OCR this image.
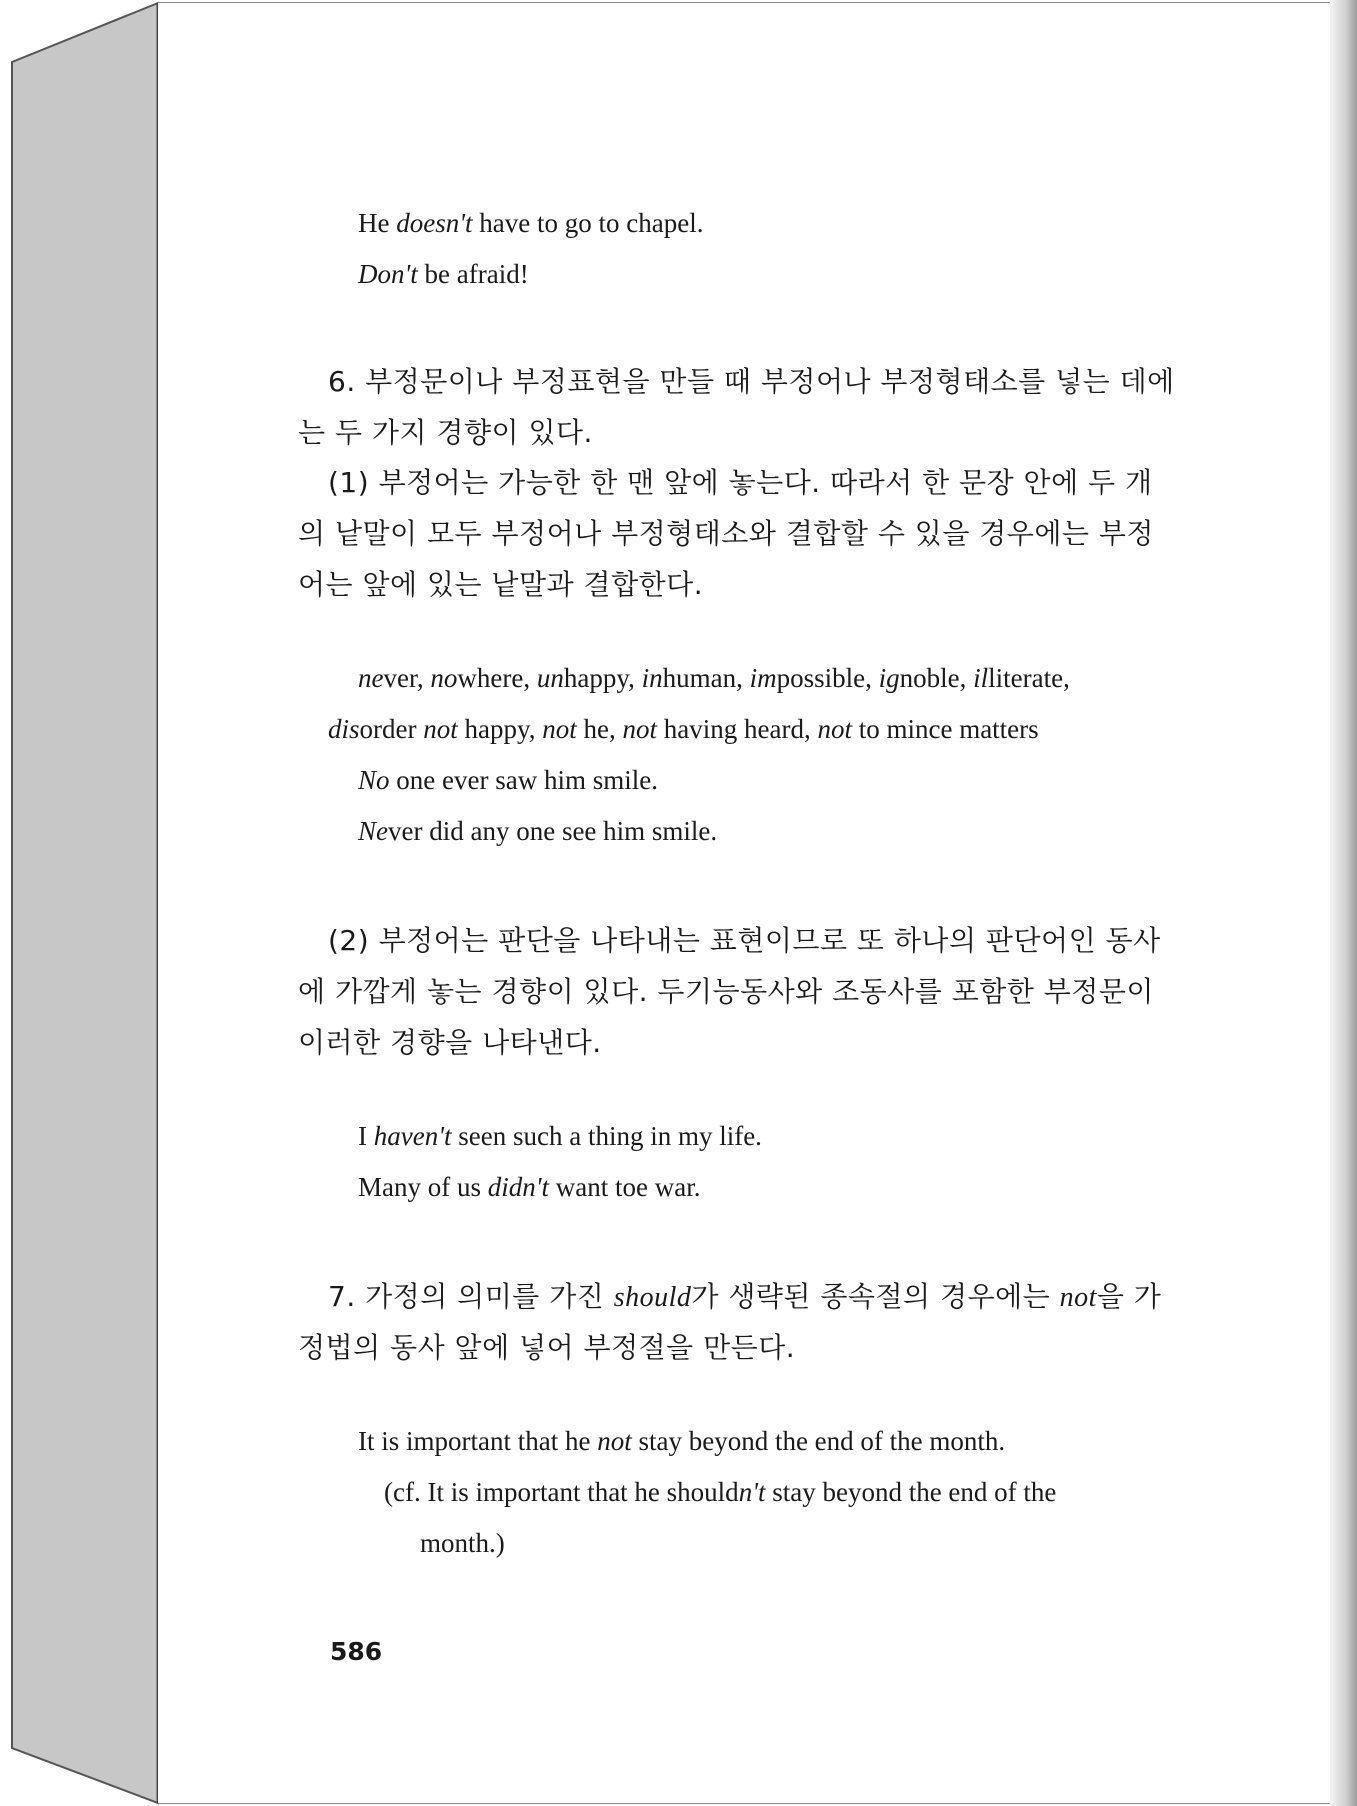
He doesn't have to go to chapel.
Don't be afraid!
6. 부정문이나 부정표현을 만들 때 부정어나 부정형태소를 넣는 데에
는 두 가지 경향이 있다.
(1) 부정어는 가능한 한 맨 앞에 놓는다. 따라서 한 문장 안에 두 개
의 낱말이 모두 부정어나 부정형태소와 결합할 수 있을 경우에는 부정
어는 앞에 있는 낱말과 결합한다.
never, nowhere, unhappy, inhuman, impossible, ignoble, illiterate,
disorder not happy, not he, not having heard, not to mince matters
No one ever saw him smile.
Never did any one see him smile.
(2) 부정어는 판단을 나타내는 표현이므로 또 하나의 판단어인 동사
에 가깝게 놓는 경향이 있다. 두기능동사와 조동사를 포함한 부정문이
이러한 경향을 나타낸다.
I haven't seen such a thing in my life.
Many of us didn't want toe war.
7. 가정의 의미를 가진 should가 생략된 종속절의 경우에는 not을 가
정법의 동사 앞에 넣어 부정절을 만든다.
It is important that he not stay beyond the end of the month.
(cf. It is important that he shouldn't stay beyond the end of the
month.)
586
